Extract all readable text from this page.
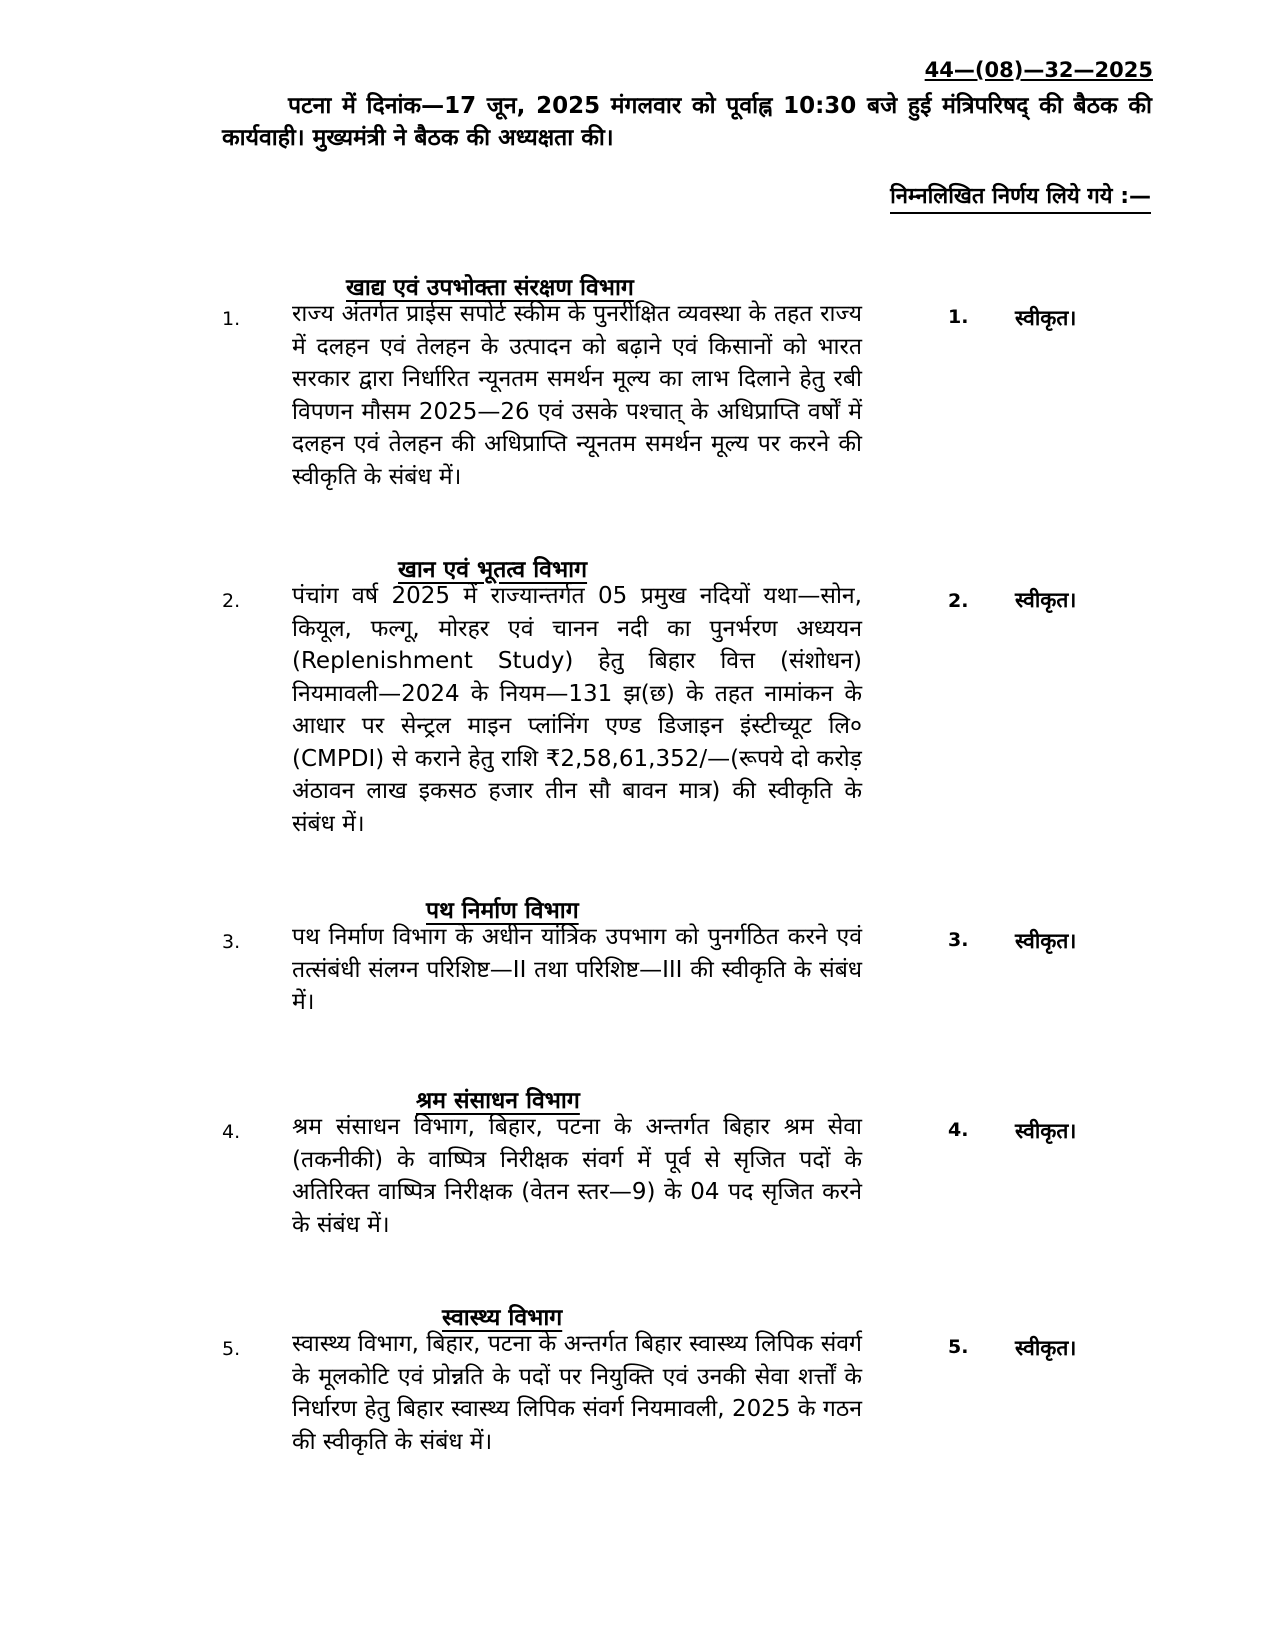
44—(08)—32—2025
पटना में दिनांक—17 जून, 2025 मंगलवार को पूर्वाह्न 10:30 बजे हुई मंत्रिपरिषद् की बैठक की कार्यवाही। मुख्यमंत्री ने बैठक की अध्यक्षता की।
निम्नलिखित निर्णय लिये गये :—
खाद्य एवं उपभोक्ता संरक्षण विभाग
1. राज्य अंतर्गत प्राईस सपोर्ट स्कीम के पुनरीक्षित व्यवस्था के तहत राज्य में दलहन एवं तेलहन के उत्पादन को बढ़ाने एवं किसानों को भारत सरकार द्वारा निर्धारित न्यूनतम समर्थन मूल्य का लाभ दिलाने हेतु रबी विपणन मौसम 2025—26 एवं उसके पश्चात् के अधिप्राप्ति वर्षों में दलहन एवं तेलहन की अधिप्राप्ति न्यूनतम समर्थन मूल्य पर करने की स्वीकृति के संबंध में।
1. स्वीकृत।
खान एवं भूतत्व विभाग
2. पंचांग वर्ष 2025 में राज्यान्तर्गत 05 प्रमुख नदियों यथा—सोन, कियूल, फल्गू, मोरहर एवं चानन नदी का पुनर्भरण अध्ययन (Replenishment Study) हेतु बिहार वित्त (संशोधन) नियमावली—2024 के नियम—131 झ(छ) के तहत नामांकन के आधार पर सेन्ट्रल माइन प्लांनिंग एण्ड डिजाइन इंस्टीच्यूट लि० (CMPDI) से कराने हेतु राशि ₹2,58,61,352/—(रूपये दो करोड़ अंठावन लाख इकसठ हजार तीन सौ बावन मात्र) की स्वीकृति के संबंध में।
2. स्वीकृत।
पथ निर्माण विभाग
3. पथ निर्माण विभाग के अधीन यांत्रिक उपभाग को पुनर्गठित करने एवं तत्संबंधी संलग्न परिशिष्ट—II तथा परिशिष्ट—III की स्वीकृति के संबंध में।
3. स्वीकृत।
श्रम संसाधन विभाग
4. श्रम संसाधन विभाग, बिहार, पटना के अन्तर्गत बिहार श्रम सेवा (तकनीकी) के वाष्पित्र निरीक्षक संवर्ग में पूर्व से सृजित पदों के अतिरिक्त वाष्पित्र निरीक्षक (वेतन स्तर—9) के 04 पद सृजित करने के संबंध में।
4. स्वीकृत।
स्वास्थ्य विभाग
5. स्वास्थ्य विभाग, बिहार, पटना के अन्तर्गत बिहार स्वास्थ्य लिपिक संवर्ग के मूलकोटि एवं प्रोन्नति के पदों पर नियुक्ति एवं उनकी सेवा शर्त्तों के निर्धारण हेतु बिहार स्वास्थ्य लिपिक संवर्ग नियमावली, 2025 के गठन की स्वीकृति के संबंध में।
5. स्वीकृत।
